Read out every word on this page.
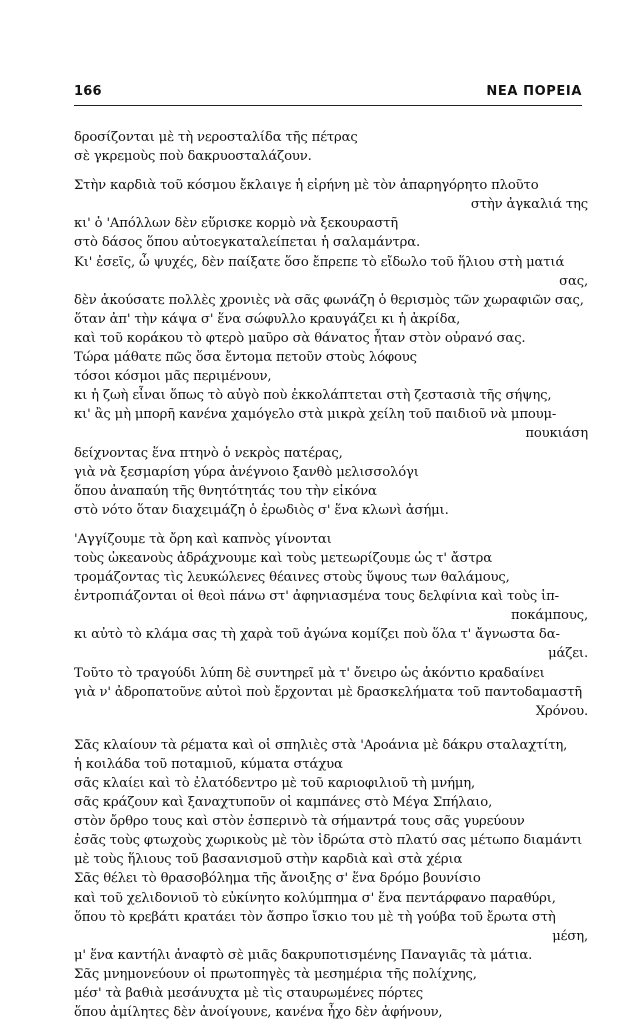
166	ΝΕΑ ΠΟΡΕΙΑ
δροσίζονται μὲ τὴ νεροσταλίδα τῆς πέτρας
σὲ γκρεμοὺς ποὺ δακρυοσταλάζουν.
Στὴν καρδιὰ τοῦ κόσμου ἔκλαιγε ἡ εἰρήνη μὲ τὸν ἀπαρηγόρητο πλοῦτο
στὴν ἀγκαλιά της
κι' ὁ 'Απόλλων δὲν εὕρισκε κορμὸ νὰ ξεκουραστῆ
στὸ δάσος ὅπου αὐτοεγκαταλείπεται ἡ σαλαμάντρα.
Κι' ἐσεῖς, ὦ ψυχές, δὲν παίξατε ὅσο ἔπρεπε τὸ εἴδωλο τοῦ ἥλιου στὴ ματιά
σας,
δὲν ἀκούσατε πολλὲς χρονιὲς νὰ σᾶς φωνάζη ὁ θερισμὸς τῶν χωραφιῶν σας,
ὅταν ἀπ' τὴν κάψα σ' ἕνα σώφυλλο κραυγάζει κι ἡ ἀκρίδα,
καὶ τοῦ κοράκου τὸ φτερὸ μαῦρο σὰ θάνατος ἦταν στὸν οὐρανό σας.
Τώρα μάθατε πῶς ὅσα ἔντομα πετοῦν στοὺς λόφους
τόσοι κόσμοι μᾶς περιμένουν,
κι ἡ ζωὴ εἶναι ὅπως τὸ αὐγὸ ποὺ ἐκκολάπτεται στὴ ζεστασιὰ τῆς σήψης,
κι' ἂς μὴ μπορῆ κανένα χαμόγελο στὰ μικρὰ χείλη τοῦ παιδιοῦ νὰ μπουμ-
πουκιάση
δείχνοντας ἕνα πτηνὸ ὁ νεκρὸς πατέρας,
γιὰ νὰ ξεσμαρίση γύρα ἀνέγνοιο ξανθὸ μελισσολόγι
ὅπου ἀναπαύη τῆς θνητότητάς του τὴν εἰκόνα
στὸ νότο ὅταν διαχειμάζη ὁ ἐρωδιὸς σ' ἕνα κλωνὶ ἀσήμι.
'Αγγίζουμε τὰ ὄρη καὶ καπνὸς γίνονται
τοὺς ὠκεανοὺς ἀδράχνουμε καὶ τοὺς μετεωρίζουμε ὡς τ' ἄστρα
τρομάζοντας τὶς λευκώλενες θέαινες στοὺς ὕψους των θαλάμους,
ἐντροπιάζονται οἱ θεοὶ πάνω στ' ἀφηνιασμένα τους δελφίνια καὶ τοὺς ἱπ-
ποκάμπους,
κι αὐτὸ τὸ κλάμα σας τὴ χαρὰ τοῦ ἀγώνα κομίζει ποὺ ὅλα τ' ἄγνωστα δα-
μάζει.
Τοῦτο τὸ τραγούδι λύπη δὲ συντηρεῖ μὰ τ' ὄνειρο ὡς ἀκόντιο κραδαίνει
γιὰ ν' ἀδροπατοῦνε αὐτοὶ ποὺ ἔρχονται μὲ δρασκελήματα τοῦ παντοδαμαστῆ
Χρόνου.
Σᾶς κλαίουν τὰ ρέματα καὶ οἱ σπηλιὲς στὰ 'Αροάνια μὲ δάκρυ σταλαχτίτη,
ἡ κοιλάδα τοῦ ποταμιοῦ, κύματα στάχυα
σᾶς κλαίει καὶ τὸ ἐλατόδεντρο μὲ τοῦ καριοφιλιοῦ τὴ μνήμη,
σᾶς κράζουν καὶ ξαναχτυποῦν οἱ καμπάνες στὸ Μέγα Σπήλαιο,
στὸν ὄρθρο τους καὶ στὸν ἑσπερινὸ τὰ σήμαντρά τους σᾶς γυρεύουν
ἐσᾶς τοὺς φτωχοὺς χωρικοὺς μὲ τὸν ἱδρώτα στὸ πλατύ σας μέτωπο διαμάντι
μὲ τοὺς ἥλιους τοῦ βασανισμοῦ στὴν καρδιὰ καὶ στὰ χέρια
Σᾶς θέλει τὸ θρασοβόλημα τῆς ἄνοιξης σ' ἕνα δρόμο βουνίσιο
καὶ τοῦ χελιδονιοῦ τὸ εὐκίνητο κολύμπημα σ' ἕνα πεντάρφανο παραθύρι,
ὅπου τὸ κρεβάτι κρατάει τὸν ἄσπρο ἴσκιο του μὲ τὴ γούβα τοῦ ἔρωτα στὴ
μέση,
μ' ἕνα καντήλι ἀναφτὸ σὲ μιᾶς δακρυποτισμένης Παναγιᾶς τὰ μάτια.
Σᾶς μνημονεύουν οἱ πρωτοπηγὲς τὰ μεσημέρια τῆς πολίχνης,
μέσ' τὰ βαθιὰ μεσάνυχτα μὲ τὶς σταυρωμένες πόρτες
ὅπου ἀμίλητες δὲν ἀνοίγουνε, κανένα ἦχο δὲν ἀφήνουν,
